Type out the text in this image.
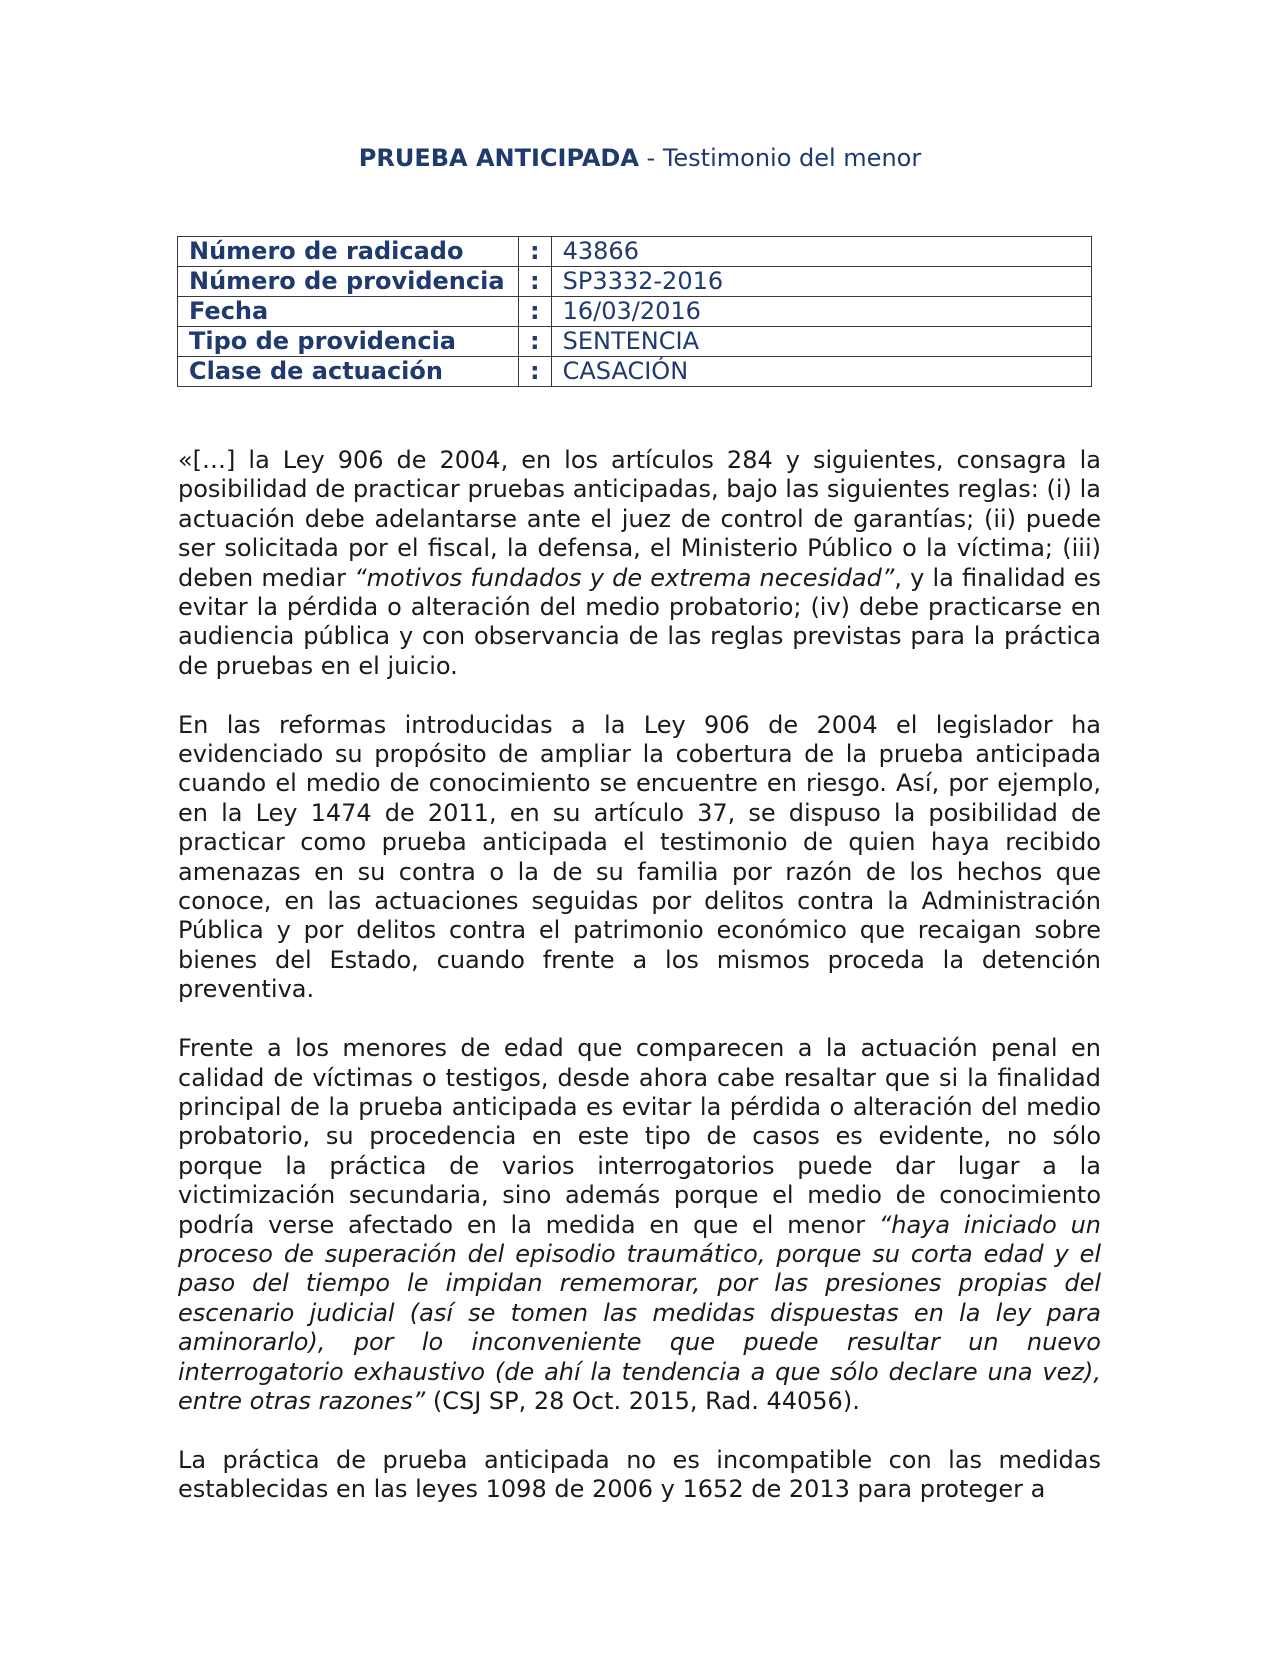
PRUEBA ANTICIPADA - Testimonio del menor
Número de radicado	:	43866
Número de providencia	:	SP3332-2016
Fecha	:	16/03/2016
Tipo de providencia	:	SENTENCIA
Clase de actuación	:	CASACIÓN

«[…] la Ley 906 de 2004, en los artículos 284 y siguientes, consagra la posibilidad de practicar pruebas anticipadas, bajo las siguientes reglas: (i) la actuación debe adelantarse ante el juez de control de garantías; (ii) puede ser solicitada por el fiscal, la defensa, el Ministerio Público o la víctima; (iii) deben mediar “motivos fundados y de extrema necesidad”, y la finalidad es evitar la pérdida o alteración del medio probatorio; (iv) debe practicarse en audiencia pública y con observancia de las reglas previstas para la práctica de pruebas en el juicio.

En las reformas introducidas a la Ley 906 de 2004 el legislador ha evidenciado su propósito de ampliar la cobertura de la prueba anticipada cuando el medio de conocimiento se encuentre en riesgo. Así, por ejemplo, en la Ley 1474 de 2011, en su artículo 37, se dispuso la posibilidad de practicar como prueba anticipada el testimonio de quien haya recibido amenazas en su contra o la de su familia por razón de los hechos que conoce, en las actuaciones seguidas por delitos contra la Administración Pública y por delitos contra el patrimonio económico que recaigan sobre bienes del Estado, cuando frente a los mismos proceda la detención preventiva.

Frente a los menores de edad que comparecen a la actuación penal en calidad de víctimas o testigos, desde ahora cabe resaltar que si la finalidad principal de la prueba anticipada es evitar la pérdida o alteración del medio probatorio, su procedencia en este tipo de casos es evidente, no sólo porque la práctica de varios interrogatorios puede dar lugar a la victimización secundaria, sino además porque el medio de conocimiento podría verse afectado en la medida en que el menor “haya iniciado un proceso de superación del episodio traumático, porque su corta edad y el paso del tiempo le impidan rememorar, por las presiones propias del escenario judicial (así se tomen las medidas dispuestas en la ley para aminorarlo), por lo inconveniente que puede resultar un nuevo interrogatorio exhaustivo (de ahí la tendencia a que sólo declare una vez), entre otras razones” (CSJ SP, 28 Oct. 2015, Rad. 44056).

La práctica de prueba anticipada no es incompatible con las medidas establecidas en las leyes 1098 de 2006 y 1652 de 2013 para proteger a
